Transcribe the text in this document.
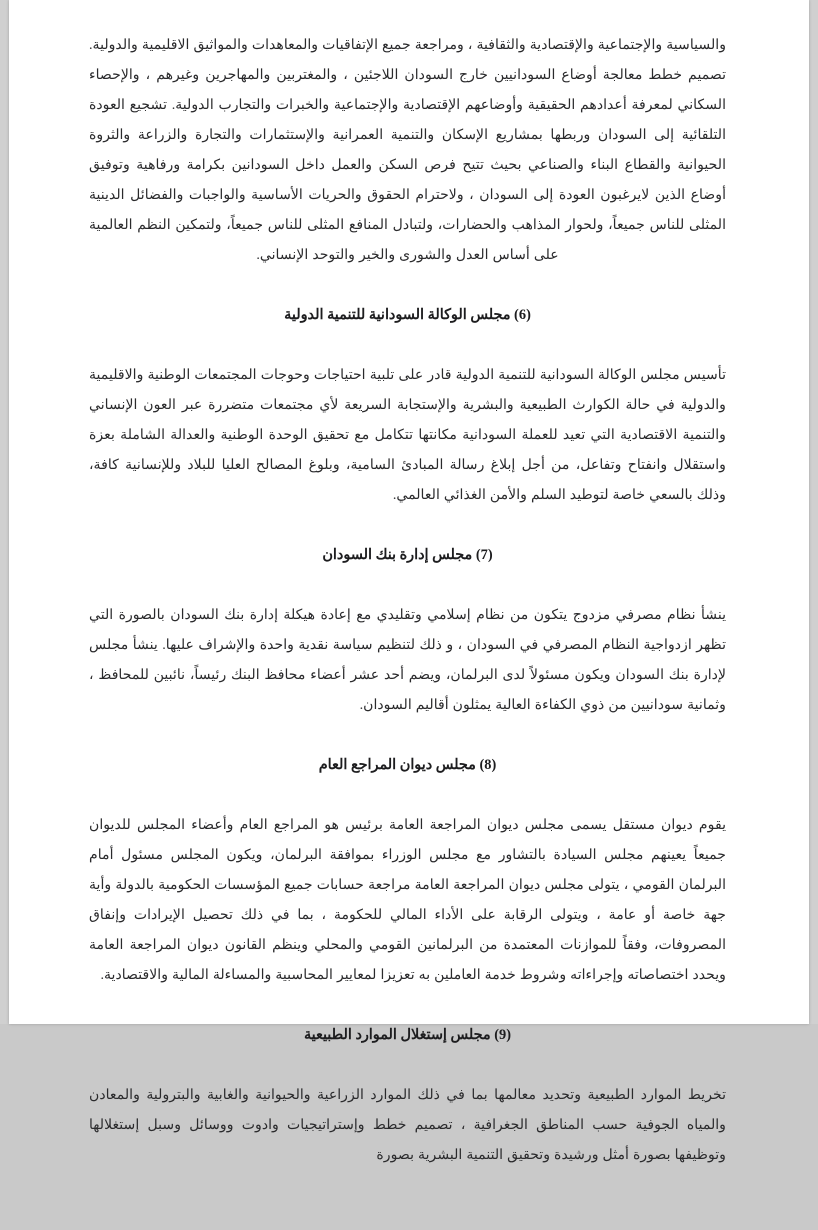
والسياسية والإجتماعية والإقتصادية والثقافية ، ومراجعة جميع الإتفاقيات والمعاهدات والمواثيق الاقليمية والدولية. تصميم خطط معالجة أوضاع السودانيين خارج السودان اللاجئين ، والمغتربين والمهاجرين وغيرهم ، والإحصاء السكاني لمعرفة أعدادهم الحقيقية وأوضاعهم الإقتصادية والإجتماعية والخبرات والتجارب الدولية. تشجيع العودة التلقائية إلى السودان وربطها بمشاريع الإسكان والتنمية العمرانية والإستثمارات والتجارة والزراعة والثروة الحيوانية والقطاع البناء والصناعي بحيث تتيح فرص السكن والعمل داخل السودانين بكرامة ورفاهية وتوفيق أوضاع الذين لايرغبون العودة إلى السودان ، ولاحترام الحقوق والحريات الأساسية والواجبات والفضائل الدينية المثلى للناس جميعاً، ولحوار المذاهب والحضارات، ولتبادل المنافع المثلى للناس جميعاً، ولتمكين النظم العالمية على أساس العدل والشورى والخير والتوحد الإنساني.

(6) مجلس الوكالة السودانية للتنمية الدولية

تأسيس مجلس الوكالة السودانية للتنمية الدولية قادر على تلبية احتياجات وحوجات المجتمعات الوطنية والاقليمية والدولية في حالة الكوارث الطبيعية والبشرية والإستجابة السريعة لأي مجتمعات متضررة عبر العون الإنساني والتنمية الاقتصادية التي تعيد للعملة السودانية مكانتها تتكامل مع تحقيق الوحدة الوطنية والعدالة الشاملة بعزة واستقلال وانفتاح وتفاعل، من أجل إبلاغ رسالة المبادئ السامية، وبلوغ المصالح العليا للبلاد وللإنسانية كافة، وذلك بالسعي خاصة لتوطيد السلم والأمن الغذائي العالمي.

(7) مجلس إدارة بنك السودان

ينشأ نظام مصرفي مزدوج يتكون من نظام إسلامي وتقليدي مع إعادة هيكلة إدارة بنك السودان بالصورة التي تظهر ازدواجية النظام المصرفي في السودان ، و ذلك لتنظيم سياسة نقدية واحدة والإشراف عليها. ينشأ مجلس لإدارة بنك السودان ويكون مسئولاً لدى البرلمان، ويضم أحد عشر أعضاء محافظ البنك رئيساً، نائبين للمحافظ ، وثمانية سودانيين من ذوي الكفاءة العالية يمثلون أقاليم السودان.

(8) مجلس ديوان المراجع العام

يقوم ديوان مستقل يسمى مجلس ديوان المراجعة العامة برئيس هو المراجع العام وأعضاء المجلس للديوان جميعاً يعينهم مجلس السيادة بالتشاور مع مجلس الوزراء بموافقة البرلمان، ويكون المجلس مسئول أمام البرلمان القومي ، يتولى مجلس ديوان المراجعة العامة مراجعة حسابات جميع المؤسسات الحكومية بالدولة وأية جهة خاصة أو عامة ، ويتولى الرقابة على الأداء المالي للحكومة ، بما في ذلك تحصيل الإيرادات وإنفاق المصروفات، وفقاً للموازنات المعتمدة من البرلمانين القومي والمحلي وينظم القانون ديوان المراجعة العامة ويحدد اختصاصاته وإجراءاته وشروط خدمة العاملين به تعزيزا لمعايير المحاسبية والمساءلة المالية والاقتصادية.

(9) مجلس إستغلال الموارد الطبيعية

تخريط الموارد الطبيعية وتحديد معالمها بما في ذلك الموارد الزراعية والحيوانية والغابية والبترولية والمعادن والمياه الجوفية حسب المناطق الجغرافية ، تصميم خطط وإستراتيجيات وادوت ووسائل وسبل إستغلالها وتوظيفها بصورة أمثل ورشيدة وتحقيق التنمية البشرية بصورة
